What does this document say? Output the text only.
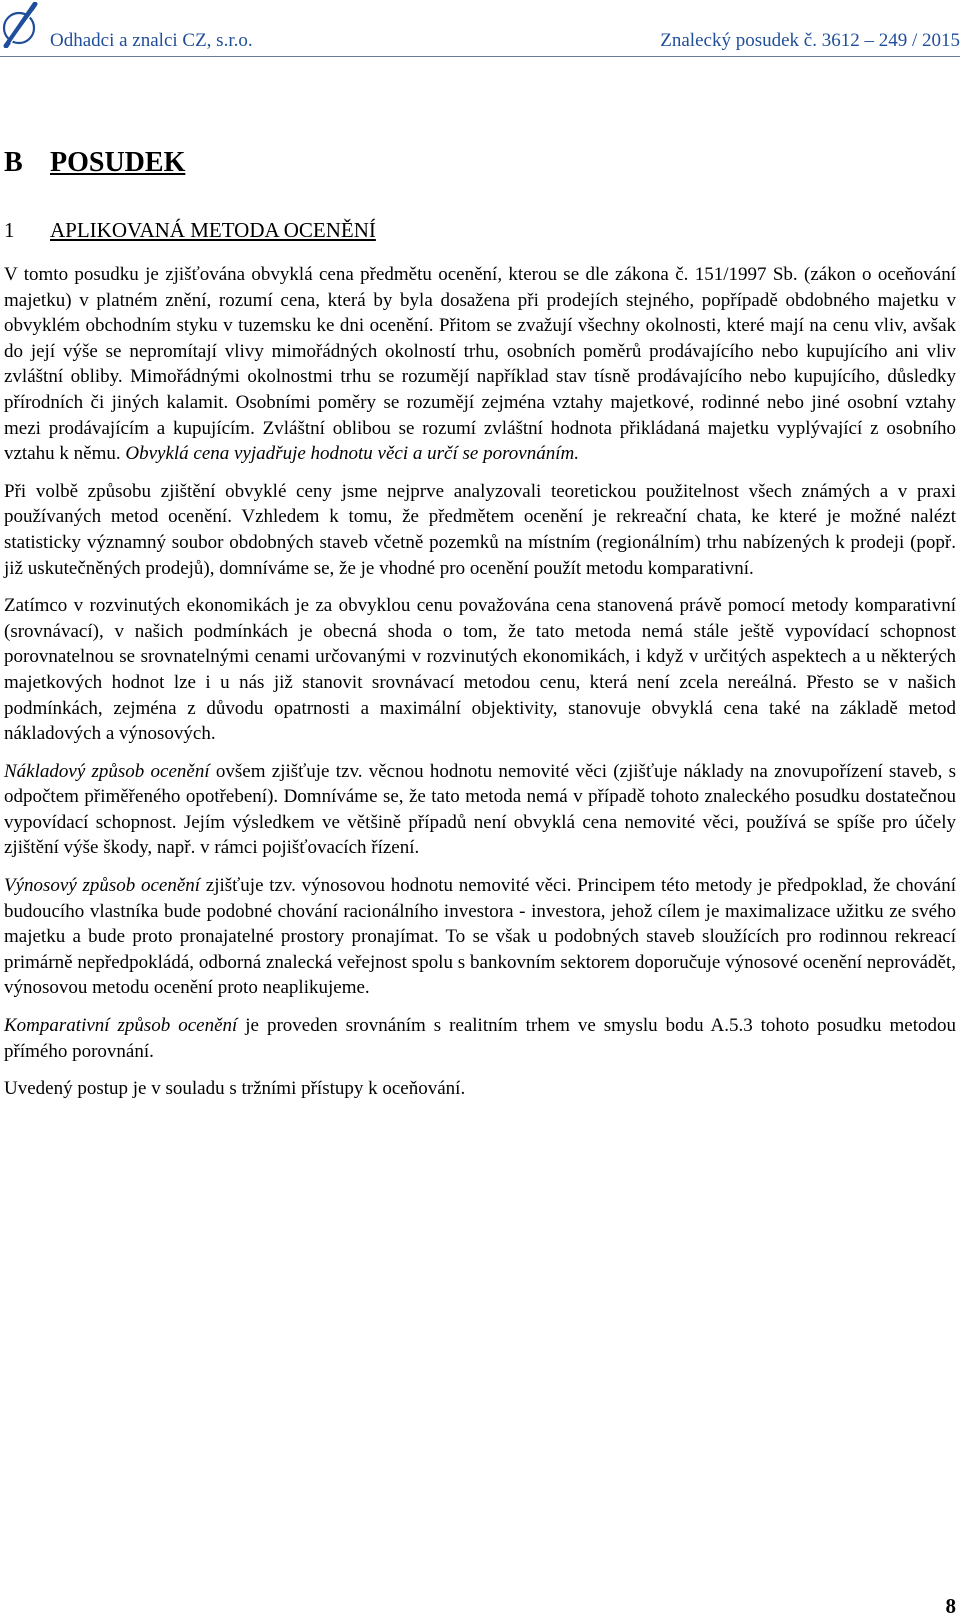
Odhadci a znalci CZ, s.r.o.	Znalecký posudek č. 3612 – 249 / 2015
B POSUDEK
1 APLIKOVANÁ METODA OCENĚNÍ

V tomto posudku je zjišťována obvyklá cena předmětu ocenění, kterou se dle zákona č. 151/1997 Sb. (zákon o oceňování majetku) v platném znění, rozumí cena, která by byla dosažena při prodejích stejného, popřípadě obdobného majetku v obvyklém obchodním styku v tuzemsku ke dni ocenění. Přitom se zvažují všechny okolnosti, které mají na cenu vliv, avšak do její výše se nepromítají vlivy mimořádných okolností trhu, osobních poměrů prodávajícího nebo kupujícího ani vliv zvláštní obliby. Mimořádnými okolnostmi trhu se rozumějí například stav tísně prodávajícího nebo kupujícího, důsledky přírodních či jiných kalamit. Osobními poměry se rozumějí zejména vztahy majetkové, rodinné nebo jiné osobní vztahy mezi prodávajícím a kupujícím. Zvláštní oblibou se rozumí zvláštní hodnota přikládaná majetku vyplývající z osobního vztahu k němu. Obvyklá cena vyjadřuje hodnotu věci a určí se porovnáním.

Při volbě způsobu zjištění obvyklé ceny jsme nejprve analyzovali teoretickou použitelnost všech známých a v praxi používaných metod ocenění. Vzhledem k tomu, že předmětem ocenění je rekreační chata, ke které je možné nalézt statisticky významný soubor obdobných staveb včetně pozemků na místním (regionálním) trhu nabízených k prodeji (popř. již uskutečněných prodejů), domníváme se, že je vhodné pro ocenění použít metodu komparativní.

Zatímco v rozvinutých ekonomikách je za obvyklou cenu považována cena stanovená právě pomocí metody komparativní (srovnávací), v našich podmínkách je obecná shoda o tom, že tato metoda nemá stále ještě vypovídací schopnost porovnatelnou se srovnatelnými cenami určovanými v rozvinutých ekonomikách, i když v určitých aspektech a u některých majetkových hodnot lze i u nás již stanovit srovnávací metodou cenu, která není zcela nereálná. Přesto se v našich podmínkách, zejména z důvodu opatrnosti a maximální objektivity, stanovuje obvyklá cena také na základě metod nákladových a výnosových.

Nákladový způsob ocenění ovšem zjišťuje tzv. věcnou hodnotu nemovité věci (zjišťuje náklady na znovupořízení staveb, s odpočtem přiměřeného opotřebení). Domníváme se, že tato metoda nemá v případě tohoto znaleckého posudku dostatečnou vypovídací schopnost. Jejím výsledkem ve většině případů není obvyklá cena nemovité věci, používá se spíše pro účely zjištění výše škody, např. v rámci pojišťovacích řízení.

Výnosový způsob ocenění zjišťuje tzv. výnosovou hodnotu nemovité věci. Principem této metody je předpoklad, že chování budoucího vlastníka bude podobné chování racionálního investora - investora, jehož cílem je maximalizace užitku ze svého majetku a bude proto pronajatelné prostory pronajímat. To se však u podobných staveb sloužících pro rodinnou rekreací primárně nepředpokládá, odborná znalecká veřejnost spolu s bankovním sektorem doporučuje výnosové ocenění neprovádět, výnosovou metodu ocenění proto neaplikujeme.

Komparativní způsob ocenění je proveden srovnáním s realitním trhem ve smyslu bodu A.5.3 tohoto posudku metodou přímého porovnání.

Uvedený postup je v souladu s tržními přístupy k oceňování.

8
